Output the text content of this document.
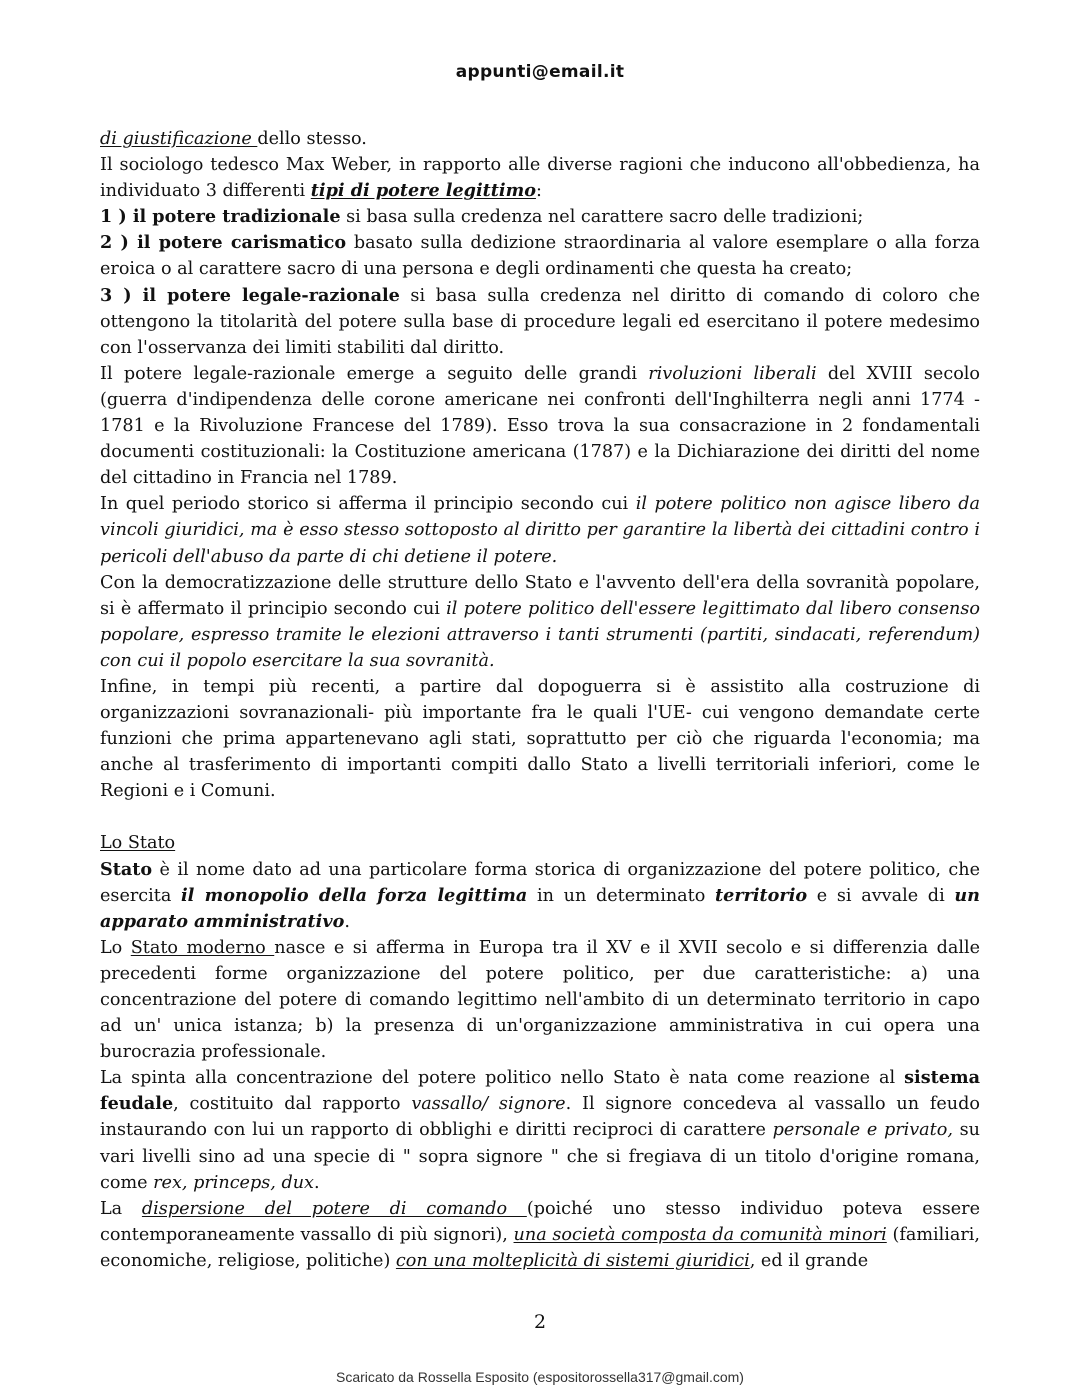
appunti@email.it

di giustificazione dello stesso.

Il sociologo tedesco Max Weber, in rapporto alle diverse ragioni che inducono all'obbedienza, ha individuato 3 differenti tipi di potere legittimo:

1 ) il potere tradizionale si basa sulla credenza nel carattere sacro delle tradizioni;

2 ) il potere carismatico basato sulla dedizione straordinaria al valore esemplare o alla forza eroica o al carattere sacro di una persona e degli ordinamenti che questa ha creato;

3 ) il potere legale-razionale si basa sulla credenza nel diritto di comando di coloro che ottengono la titolarità del potere sulla base di procedure legali ed esercitano il potere medesimo con l'osservanza dei limiti stabiliti dal diritto.

Il potere legale-razionale emerge a seguito delle grandi rivoluzioni liberali del XVIII secolo (guerra d'indipendenza delle corone americane nei confronti dell'Inghilterra negli anni 1774 - 1781 e la Rivoluzione Francese del 1789). Esso trova la sua consacrazione in 2 fondamentali documenti costituzionali: la Costituzione americana (1787) e la Dichiarazione dei diritti del nome del cittadino in Francia nel 1789.

In quel periodo storico si afferma il principio secondo cui il potere politico non agisce libero da vincoli giuridici, ma è esso stesso sottoposto al diritto per garantire la libertà dei cittadini contro i pericoli dell'abuso da parte di chi detiene il potere.

Con la democratizzazione delle strutture dello Stato e l'avvento dell'era della sovranità popolare, si è affermato il principio secondo cui il potere politico dell'essere legittimato dal libero consenso popolare, espresso tramite le elezioni attraverso i tanti strumenti (partiti, sindacati, referendum) con cui il popolo esercitare la sua sovranità.

Infine, in tempi più recenti, a partire dal dopoguerra si è assistito alla costruzione di organizzazioni sovranazionali- più importante fra le quali l'UE- cui vengono demandate certe funzioni che prima appartenevano agli stati, soprattutto per ciò che riguarda l'economia; ma anche al trasferimento di importanti compiti dallo Stato a livelli territoriali inferiori, come le Regioni e i Comuni.

Lo Stato

Stato è il nome dato ad una particolare forma storica di organizzazione del potere politico, che esercita il monopolio della forza legittima in un determinato territorio e si avvale di un apparato amministrativo.

Lo Stato moderno nasce e si afferma in Europa tra il XV e il XVII secolo e si differenzia dalle precedenti forme organizzazione del potere politico, per due caratteristiche: a) una concentrazione del potere di comando legittimo nell'ambito di un determinato territorio in capo ad un' unica istanza; b) la presenza di un'organizzazione amministrativa in cui opera una burocrazia professionale.

La spinta alla concentrazione del potere politico nello Stato è nata come reazione al sistema feudale, costituito dal rapporto vassallo/ signore. Il signore concedeva al vassallo un feudo instaurando con lui un rapporto di obblighi e diritti reciproci di carattere personale e privato, su vari livelli sino ad una specie di " sopra signore " che si fregiava di un titolo d'origine romana, come rex, princeps, dux.

La dispersione del potere di comando (poiché uno stesso individuo poteva essere contemporaneamente vassallo di più signori), una società composta da comunità minori (familiari, economiche, religiose, politiche) con una molteplicità di sistemi giuridici, ed il grande

2
Scaricato da Rossella Esposito (espositorossella317@gmail.com)
